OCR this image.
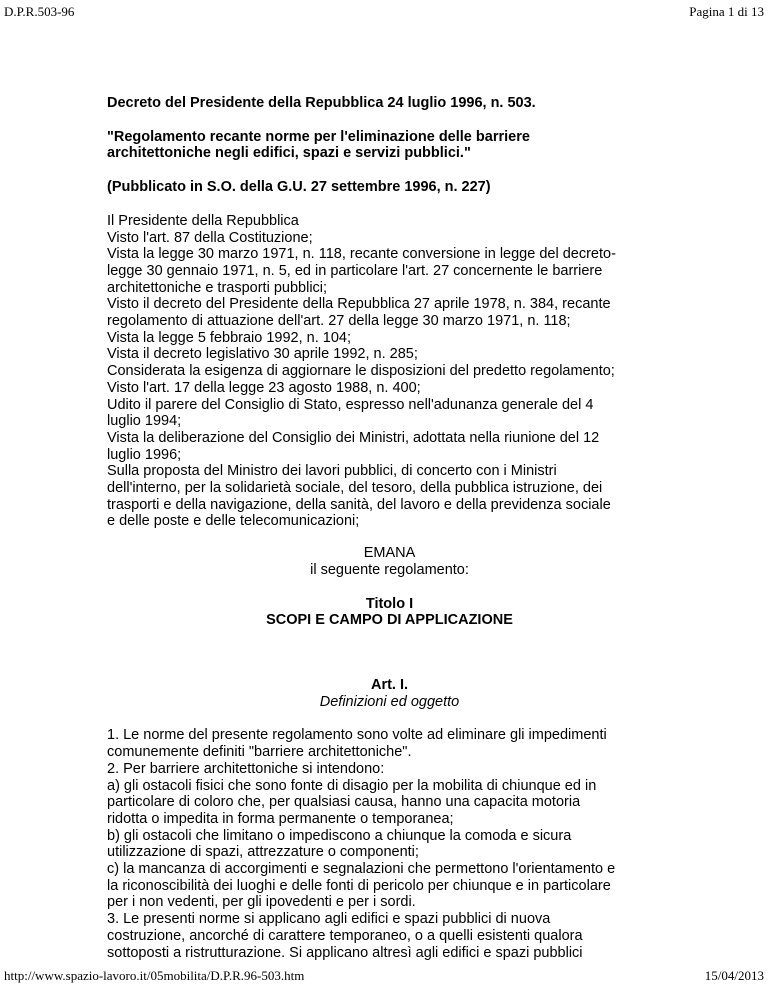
D.P.R.503-96	Pagina 1 di 13

Decreto del Presidente della Repubblica 24 luglio 1996, n. 503.

"Regolamento recante norme per l'eliminazione delle barriere
architettoniche negli edifici, spazi e servizi pubblici."

(Pubblicato in S.O. della G.U. 27 settembre 1996, n. 227)

Il Presidente della Repubblica
Visto l'art. 87 della Costituzione;
Vista la legge 30 marzo 1971, n. 118, recante conversione in legge del decreto-
legge 30 gennaio 1971, n. 5, ed in particolare l'art. 27 concernente le barriere
architettoniche e trasporti pubblici;
Visto il decreto del Presidente della Repubblica 27 aprile 1978, n. 384, recante
regolamento di attuazione dell'art. 27 della legge 30 marzo 1971, n. 118;
Vista la legge 5 febbraio 1992, n. 104;
Vista il decreto legislativo 30 aprile 1992, n. 285;
Considerata la esigenza di aggiornare le disposizioni del predetto regolamento;
Visto l'art. 17 della legge 23 agosto 1988, n. 400;
Udito il parere del Consiglio di Stato, espresso nell'adunanza generale del 4
luglio 1994;
Vista la deliberazione del Consiglio dei Ministri, adottata nella riunione del 12
luglio 1996;
Sulla proposta del Ministro dei lavori pubblici, di concerto con i Ministri
dell'interno, per la solidarietà sociale, del tesoro, della pubblica istruzione, dei
trasporti e della navigazione, della sanità, del lavoro e della previdenza sociale
e delle poste e delle telecomunicazioni;

EMANA
il seguente regolamento:

Titolo I
SCOPI E CAMPO DI APPLICAZIONE

Art. I.
Definizioni ed oggetto

1. Le norme del presente regolamento sono volte ad eliminare gli impedimenti
comunemente definiti "barriere architettoniche".
2. Per barriere architettoniche si intendono:
a) gli ostacoli fisici che sono fonte di disagio per la mobilita di chiunque ed in
particolare di coloro che, per qualsiasi causa, hanno una capacita motoria
ridotta o impedita in forma permanente o temporanea;
b) gli ostacoli che limitano o impediscono a chiunque la comoda e sicura
utilizzazione di spazi, attrezzature o componenti;
c) la mancanza di accorgimenti e segnalazioni che permettono l'orientamento e
la riconoscibilità dei luoghi e delle fonti di pericolo per chiunque e in particolare
per i non vedenti, per gli ipovedenti e per i sordi.
3. Le presenti norme si applicano agli edifici e spazi pubblici di nuova
costruzione, ancorché di carattere temporaneo, o a quelli esistenti qualora
sottoposti a ristrutturazione. Si applicano altresì agli edifici e spazi pubblici

http://www.spazio-lavoro.it/05mobilita/D.P.R.96-503.htm	15/04/2013
